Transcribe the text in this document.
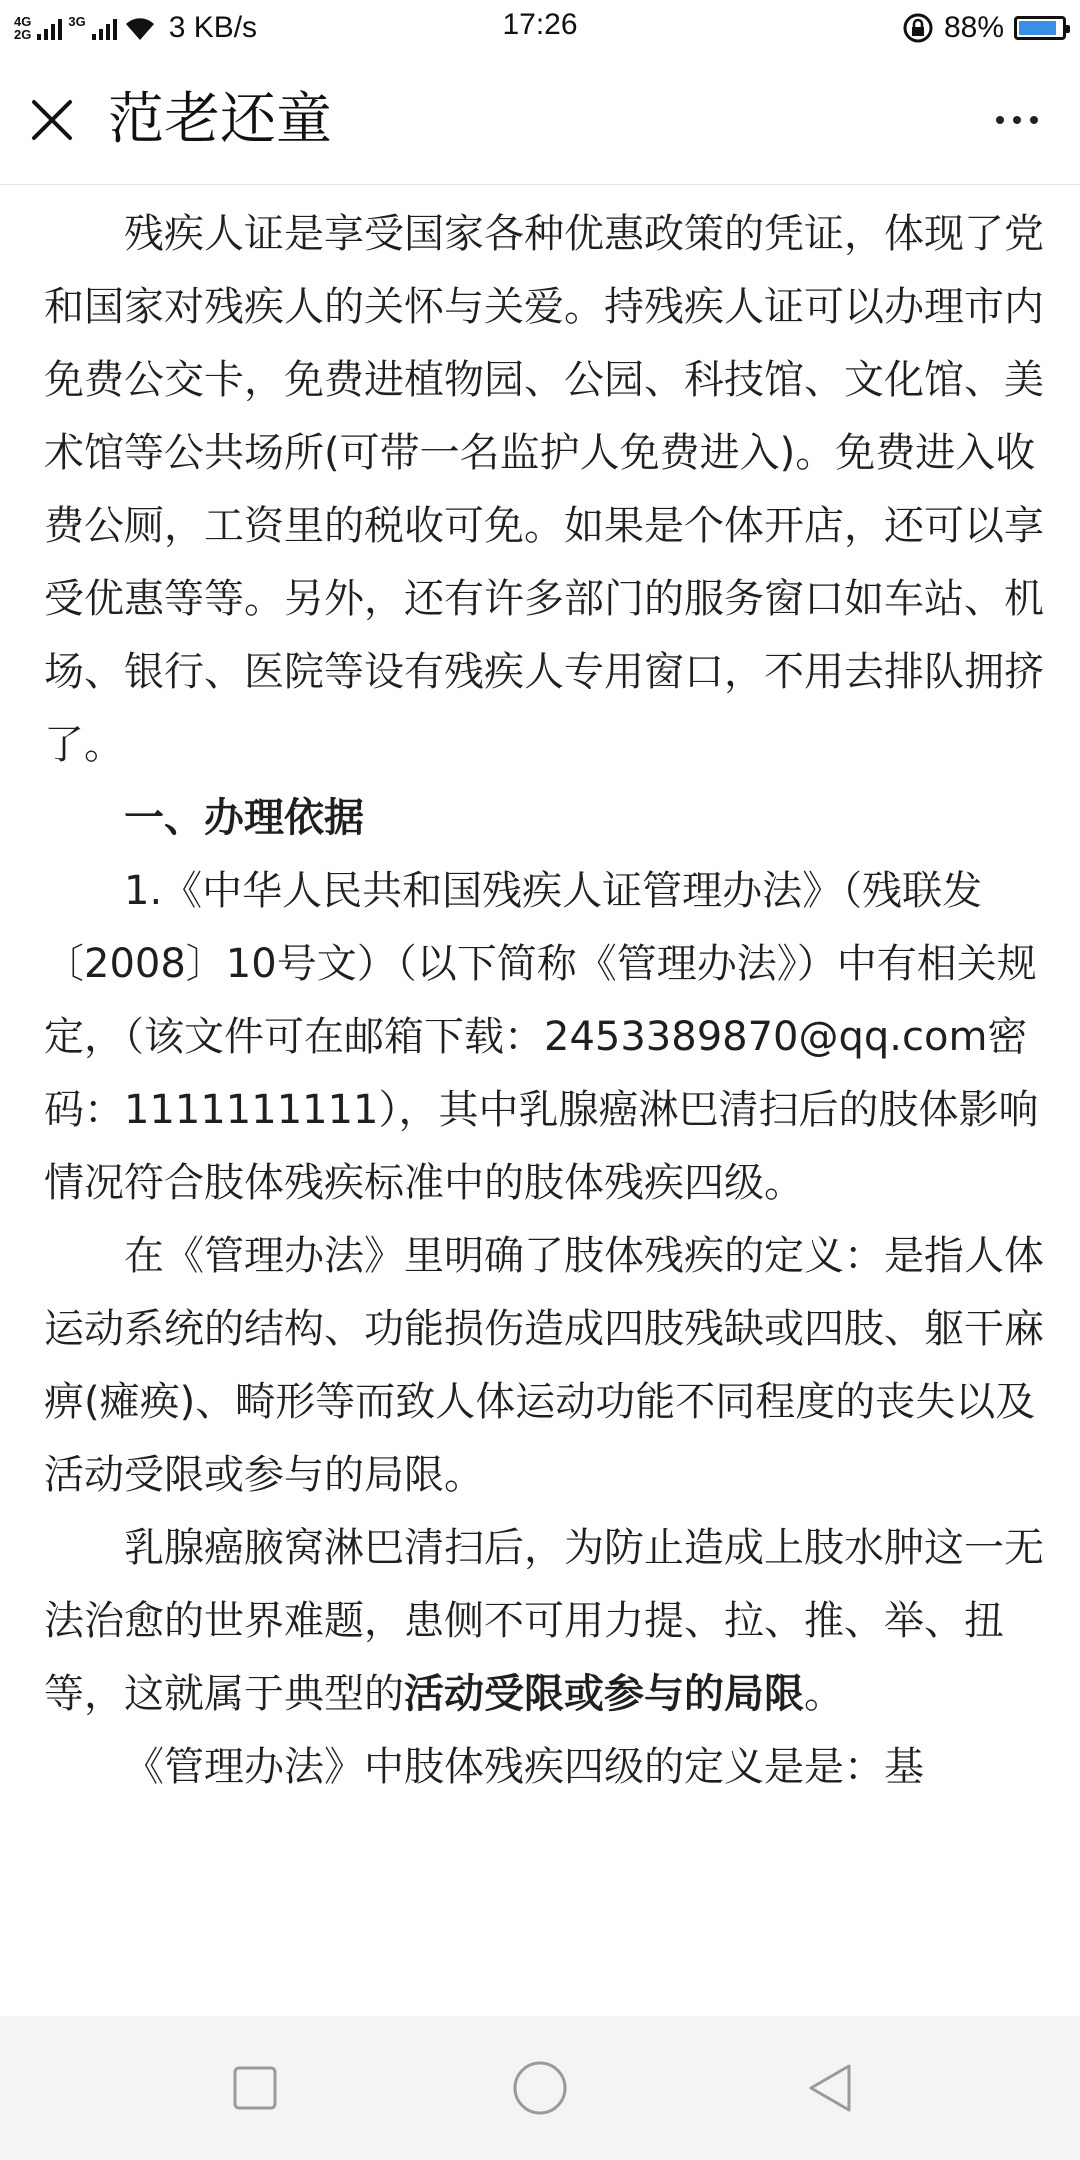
4G
2G
3G
	3 KB/s	17:26	88%
范老还童

残疾人证是享受国家各种优惠政策的凭证，体现了党和国家对残疾人的关怀与关爱。持残疾人证可以办理市内免费公交卡，免费进植物园、公园、科技馆、文化馆、美术馆等公共场所(可带一名监护人免费进入)。免费进入收费公厕，工资里的税收可免。如果是个体开店，还可以享受优惠等等。另外，还有许多部门的服务窗口如车站、机场、银行、医院等设有残疾人专用窗口，不用去排队拥挤了。

一、办理依据

1.《中华人民共和国残疾人证管理办法》（残联发〔2008〕10号文）（以下简称《管理办法》）中有相关规定，（该文件可在邮箱下载：2453389870@qq.com密码：1111111111），其中乳腺癌淋巴清扫后的肢体影响情况符合肢体残疾标准中的肢体残疾四级。

在《管理办法》里明确了肢体残疾的定义：是指人体运动系统的结构、功能损伤造成四肢残缺或四肢、躯干麻痹(瘫痪)、畸形等而致人体运动功能不同程度的丧失以及活动受限或参与的局限。

乳腺癌腋窝淋巴清扫后，为防止造成上肢水肿这一无法治愈的世界难题，患侧不可用力提、拉、推、举、扭等，这就属于典型的活动受限或参与的局限。

《管理办法》中肢体残疾四级的定义是是：基
